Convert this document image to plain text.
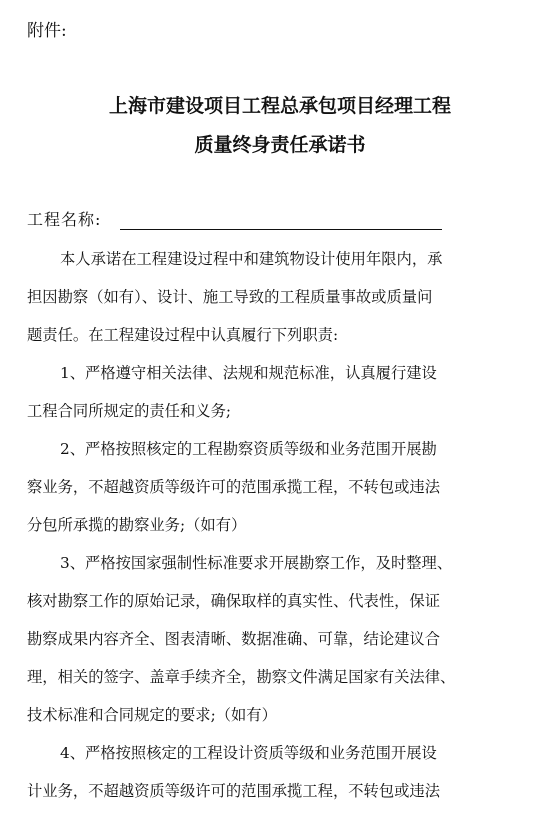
附件:
上海市建设项目工程总承包项目经理工程
质量终身责任承诺书
工程名称:
本人承诺在工程建设过程中和建筑物设计使用年限内，承
担因勘察（如有）、设计、施工导致的工程质量事故或质量问
题责任。在工程建设过程中认真履行下列职责:
1、严格遵守相关法律、法规和规范标准，认真履行建设
工程合同所规定的责任和义务;
2、严格按照核定的工程勘察资质等级和业务范围开展勘
察业务，不超越资质等级许可的范围承揽工程，不转包或违法
分包所承揽的勘察业务;（如有）
3、严格按国家强制性标准要求开展勘察工作，及时整理、
核对勘察工作的原始记录，确保取样的真实性、代表性，保证
勘察成果内容齐全、图表清晰、数据准确、可靠，结论建议合
理，相关的签字、盖章手续齐全，勘察文件满足国家有关法律、
技术标准和合同规定的要求;（如有）
4、严格按照核定的工程设计资质等级和业务范围开展设
计业务，不超越资质等级许可的范围承揽工程，不转包或违法
